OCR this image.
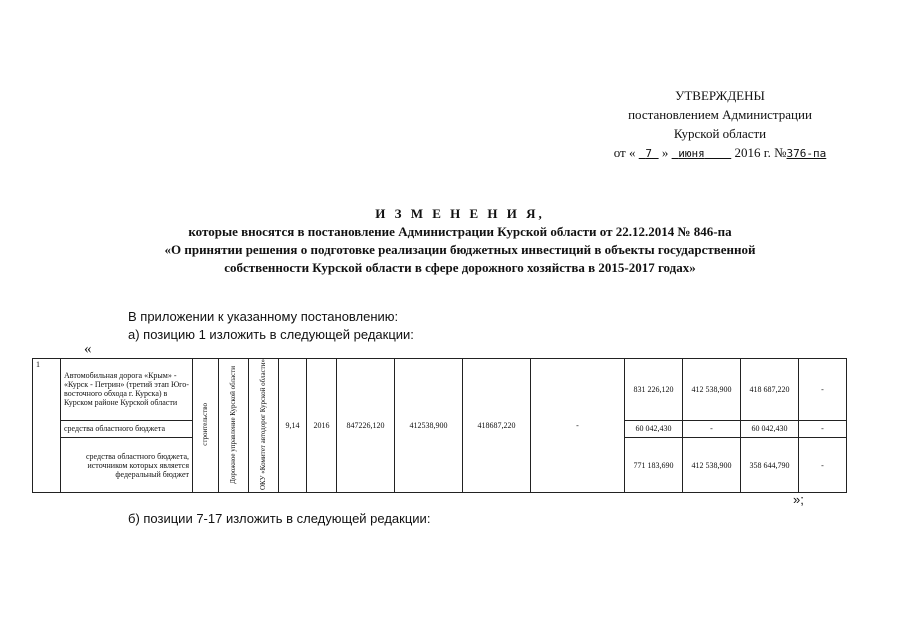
УТВЕРЖДЕНЫ
постановлением Администрации
Курской области
от « 7 » июня 2016 г. №376-па
И З М Е Н Е Н И Я,
которые вносятся в постановление Администрации Курской области от 22.12.2014 № 846-па
«О принятии решения о подготовке реализации бюджетных инвестиций в объекты государственной
собственности Курской области в сфере дорожного хозяйства в 2015-2017 годах»
В приложении к указанному постановлению:
а) позицию 1 изложить в следующей редакции:
«
1	Автомобильная дорога «Крым» - «Курск - Петрин» (третий этап Юго-восточного обхода г. Курска) в Курском районе Курской области	строительство	Дорожное управление Курской области	ОКУ «Комитет автодорог Курской области»	9,14	2016	847226,120	412538,900	418687,220	-	831 226,120	412 538,900	418 687,220	-
	средства областного бюджета										60 042,430	-	60 042,430	-
	средства областного бюджета, источником которых является федеральный бюджет										771 183,690	412 538,900	358 644,790	-
»;
б) позиции 7-17 изложить в следующей редакции:
